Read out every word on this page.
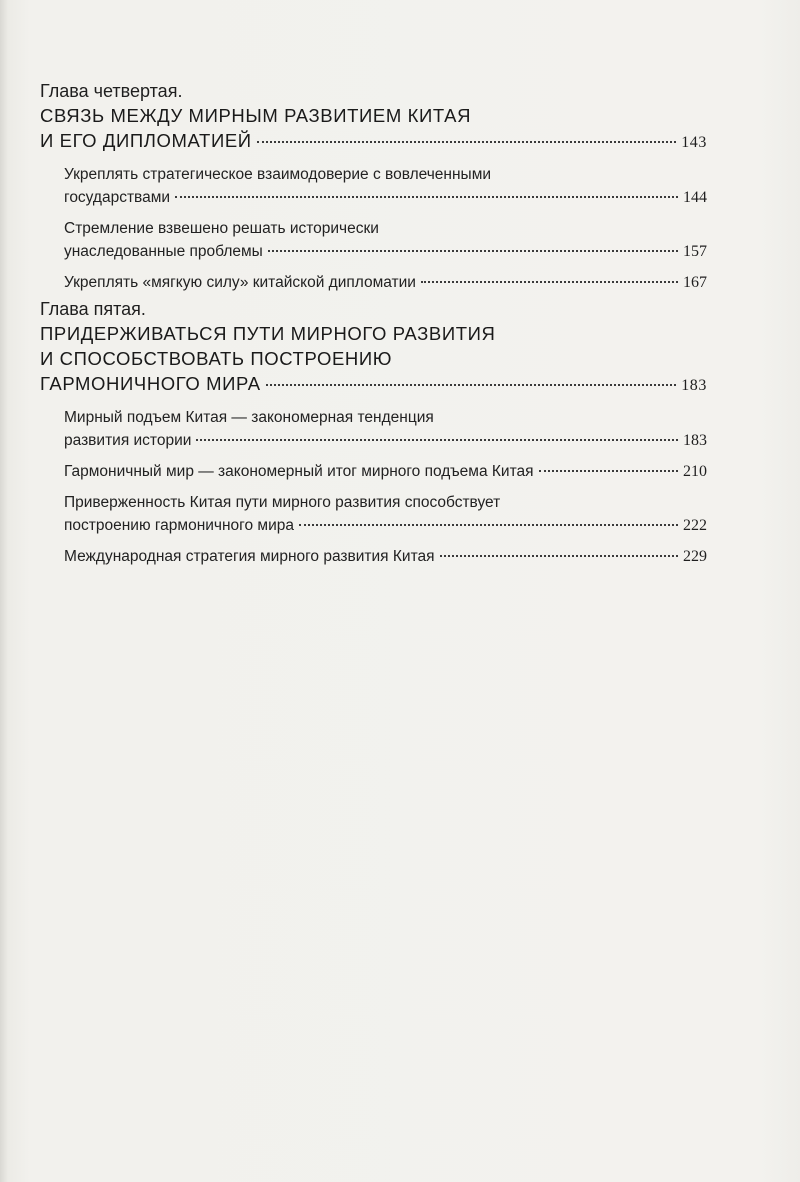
Глава четвертая.
СВЯЗЬ МЕЖДУ МИРНЫМ РАЗВИТИЕМ КИТАЯ
И ЕГО ДИПЛОМАТИЕЙ	143
Укреплять стратегическое взаимодоверие с вовлеченными
государствами	144
Стремление взвешено решать исторически
унаследованные проблемы	157
Укреплять «мягкую силу» китайской дипломатии	167
Глава пятая.
ПРИДЕРЖИВАТЬСЯ ПУТИ МИРНОГО РАЗВИТИЯ
И СПОСОБСТВОВАТЬ ПОСТРОЕНИЮ
ГАРМОНИЧНОГО МИРА	183
Мирный подъем Китая — закономерная тенденция
развития истории	183
Гармоничный мир — закономерный итог мирного подъема Китая	210
Приверженность Китая пути мирного развития способствует
построению гармоничного мира	222
Международная стратегия мирного развития Китая	229
